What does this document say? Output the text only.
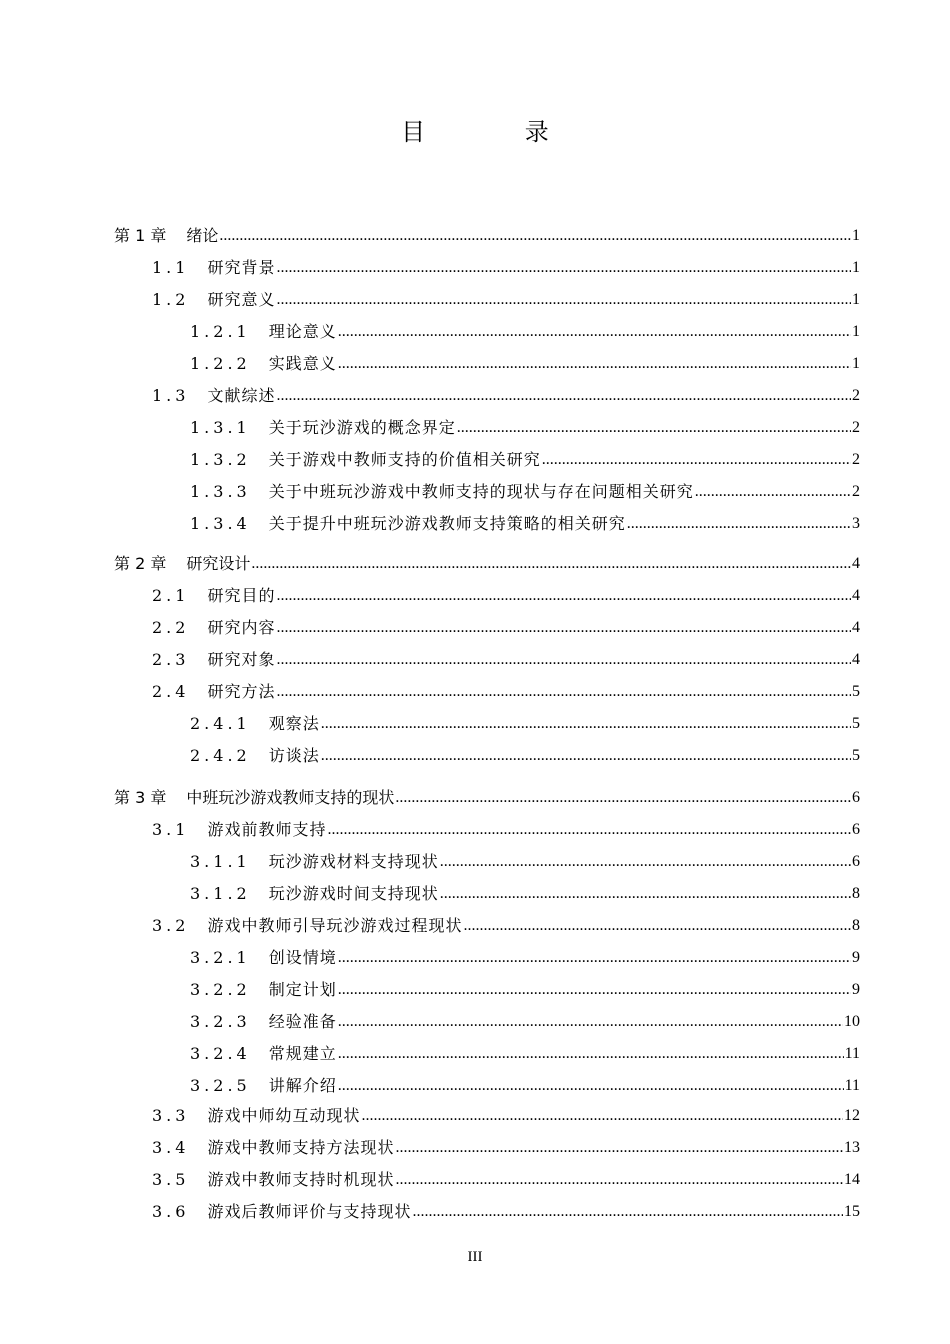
目 录
第 1 章 绪论 .....	1
1.1 研究背景 .....	1
1.2 研究意义 .....	1
1.2.1 理论意义 .....	1
1.2.2 实践意义 .....	1
1.3 文献综述 .....	2
1.3.1 关于玩沙游戏的概念界定 .....	2
1.3.2 关于游戏中教师支持的价值相关研究 .....	2
1.3.3 关于中班玩沙游戏中教师支持的现状与存在问题相关研究 .....	2
1.3.4 关于提升中班玩沙游戏教师支持策略的相关研究 .....	3
第 2 章 研究设计 .....	4
2.1 研究目的 .....	4
2.2 研究内容 .....	4
2.3 研究对象 .....	4
2.4 研究方法 .....	5
2.4.1 观察法 .....	5
2.4.2 访谈法 .....	5
第 3 章 中班玩沙游戏教师支持的现状 .....	6
3.1 游戏前教师支持 .....	6
3.1.1 玩沙游戏材料支持现状 .....	6
3.1.2 玩沙游戏时间支持现状 .....	8
3.2 游戏中教师引导玩沙游戏过程现状 .....	8
3.2.1 创设情境 .....	9
3.2.2 制定计划 .....	9
3.2.3 经验准备 .....	10
3.2.4 常规建立 .....	11
3.2.5 讲解介绍 .....	11
3.3 游戏中师幼互动现状 .....	12
3.4 游戏中教师支持方法现状 .....	13
3.5 游戏中教师支持时机现状 .....	14
3.6 游戏后教师评价与支持现状 .....	15
III
